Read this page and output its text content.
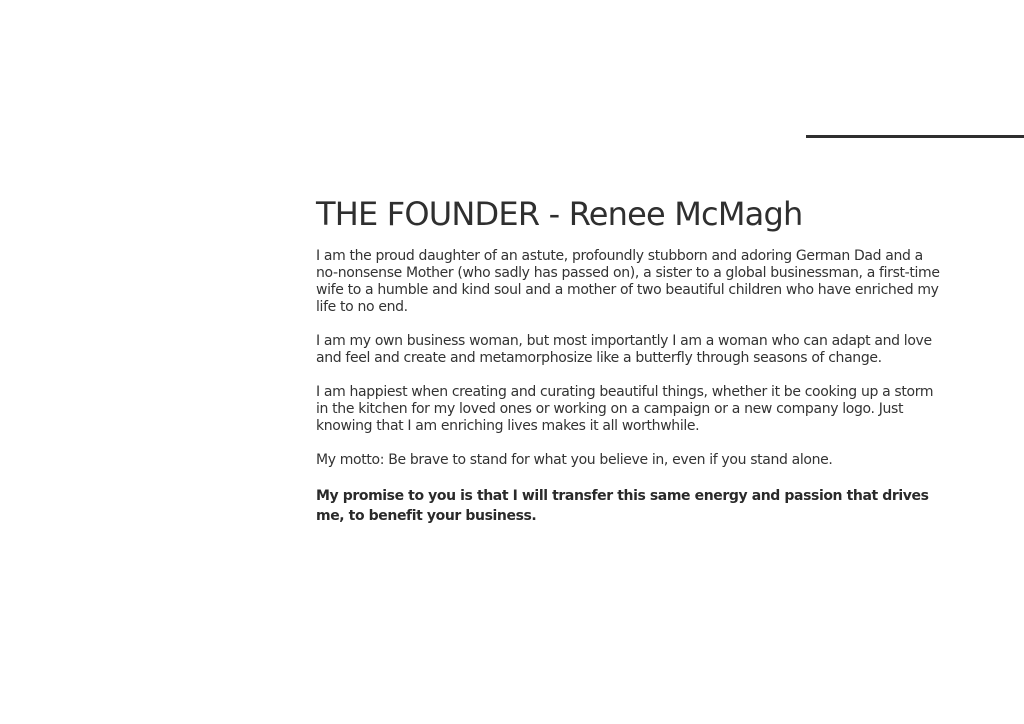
THE FOUNDER - Renee McMagh

I am the proud daughter of an astute, profoundly stubborn and adoring German Dad and a no-nonsense Mother (who sadly has passed on), a sister to a global businessman, a first-time wife to a humble and kind soul and a mother of two beautiful children who have enriched my life to no end.

I am my own business woman, but most importantly I am a woman who can adapt and love and feel and create and metamorphosize like a butterfly through seasons of change.

I am happiest when creating and curating beautiful things, whether it be cooking up a storm in the kitchen for my loved ones or working on a campaign or a new company logo. Just knowing that I am enriching lives makes it all worthwhile.

My motto: Be brave to stand for what you believe in, even if you stand alone.

My promise to you is that I will transfer this same energy and passion that drives me, to benefit your business.
